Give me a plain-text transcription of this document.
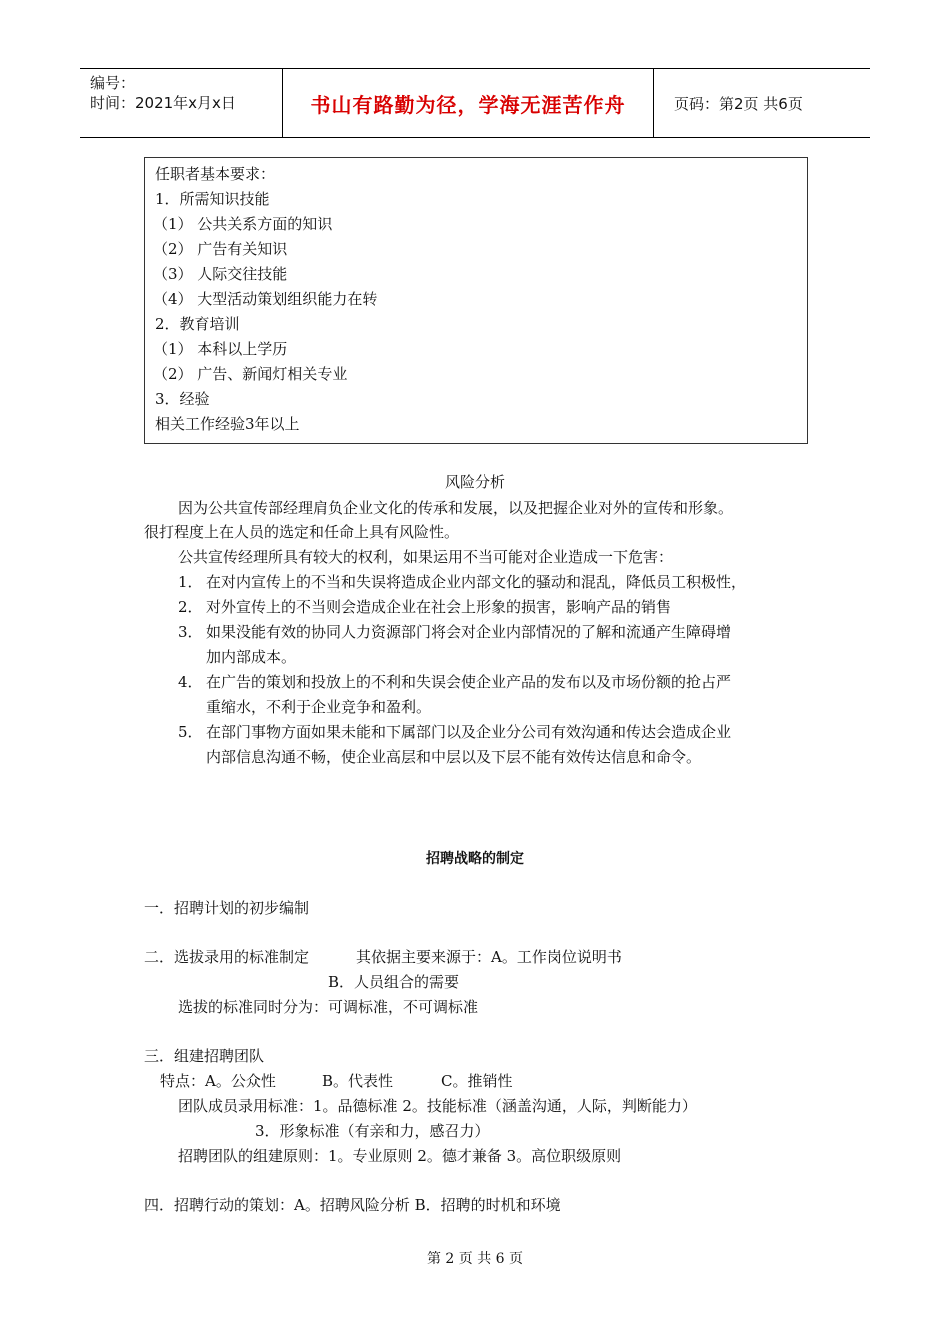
编号：
时间：2021年x月x日	书山有路勤为径，学海无涯苦作舟	页码：第2页 共6页
任职者基本要求：
1．所需知识技能
（1） 公共关系方面的知识
（2） 广告有关知识
（3） 人际交往技能
（4） 大型活动策划组织能力在转
2．教育培训
（1） 本科以上学历
（2） 广告、新闻灯相关专业
3．经验
相关工作经验3年以上
风险分析
因为公共宣传部经理肩负企业文化的传承和发展，以及把握企业对外的宣传和形象。
很打程度上在人员的选定和任命上具有风险性。
公共宣传经理所具有较大的权利，如果运用不当可能对企业造成一下危害：
1． 在对内宣传上的不当和失误将造成企业内部文化的骚动和混乱，降低员工积极性，
2． 对外宣传上的不当则会造成企业在社会上形象的损害，影响产品的销售
3． 如果没能有效的协同人力资源部门将会对企业内部情况的了解和流通产生障碍增
加内部成本。
4． 在广告的策划和投放上的不利和失误会使企业产品的发布以及市场份额的抢占严
重缩水，不利于企业竞争和盈利。
5． 在部门事物方面如果未能和下属部门以及企业分公司有效沟通和传达会造成企业
内部信息沟通不畅，使企业高层和中层以及下层不能有效传达信息和命令。
招聘战略的制定
一．招聘计划的初步编制
二．选拔录用的标准制定	其依据主要来源于：A。工作岗位说明书
B．人员组合的需要
选拔的标准同时分为：可调标准，不可调标准
三．组建招聘团队
特点：A。公众性	B。代表性	C。推销性
团队成员录用标准：1。品德标准 2。技能标准（涵盖沟通，人际，判断能力）
3．形象标准（有亲和力，感召力）
招聘团队的组建原则：1。专业原则 2。德才兼备 3。高位职级原则
四．招聘行动的策划：A。招聘风险分析 B．招聘的时机和环境
第 2 页 共 6 页
